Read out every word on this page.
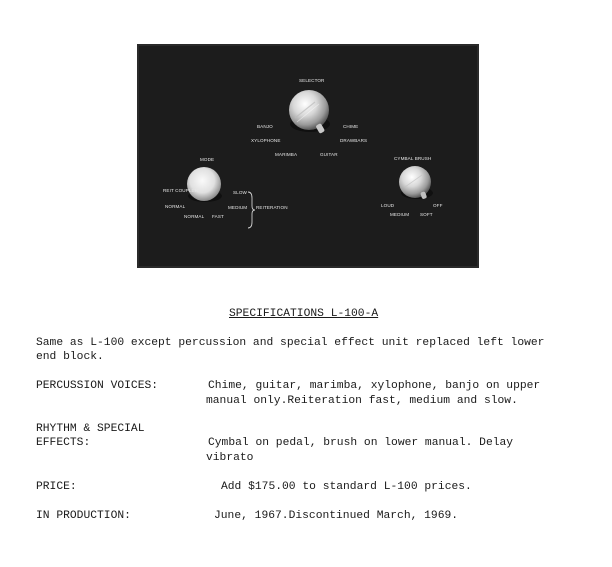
SELECTOR
BANJO	CHIME
XYLOPHONE	DRAWBARS
MARIMBA	GUITAR
MODE
REIT COUPLER
NORMAL
NORMAL FAST
SLOW
MEDIUM REITERATION
CYMBAL BRUSH
LOUD
MEDIUM
OFF
SOFT
SPECIFICATIONS L-100-A
Same as L-100 except percussion and special effect unit replaced left lower
end block.
PERCUSSION VOICES:	Chime, guitar, marimba, xylophone, banjo on upper
manual only.Reiteration fast, medium and slow.
RHYTHM & SPECIAL
EFFECTS:	Cymbal on pedal, brush on lower manual. Delay
vibrato
PRICE:	Add $175.00 to standard L-100 prices.
IN PRODUCTION:	June, 1967.Discontinued March, 1969.
